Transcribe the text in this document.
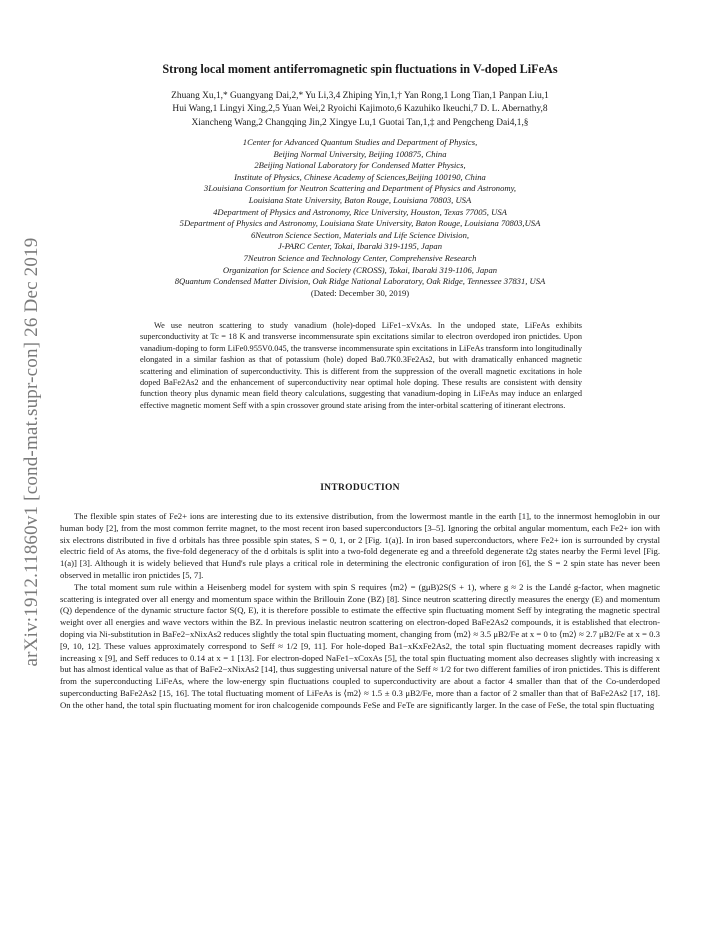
arXiv:1912.11860v1 [cond-mat.supr-con] 26 Dec 2019
Strong local moment antiferromagnetic spin fluctuations in V-doped LiFeAs
Zhuang Xu,1,* Guangyang Dai,2,* Yu Li,3,4 Zhiping Yin,1,† Yan Rong,1 Long Tian,1 Panpan Liu,1
Hui Wang,1 Lingyi Xing,2,5 Yuan Wei,2 Ryoichi Kajimoto,6 Kazuhiko Ikeuchi,7 D. L. Abernathy,8
Xiancheng Wang,2 Changqing Jin,2 Xingye Lu,1 Guotai Tan,1,‡ and Pengcheng Dai4,1,§
1Center for Advanced Quantum Studies and Department of Physics,
Beijing Normal University, Beijing 100875, China
2Beijing National Laboratory for Condensed Matter Physics,
Institute of Physics, Chinese Academy of Sciences,Beijing 100190, China
3Louisiana Consortium for Neutron Scattering and Department of Physics and Astronomy,
Louisiana State University, Baton Rouge, Louisiana 70803, USA
4Department of Physics and Astronomy, Rice University, Houston, Texas 77005, USA
5Department of Physics and Astronomy, Louisiana State University, Baton Rouge, Louisiana 70803,USA
6Neutron Science Section, Materials and Life Science Division,
J-PARC Center, Tokai, Ibaraki 319-1195, Japan
7Neutron Science and Technology Center, Comprehensive Research
Organization for Science and Society (CROSS), Tokai, Ibaraki 319-1106, Japan
8Quantum Condensed Matter Division, Oak Ridge National Laboratory, Oak Ridge, Tennessee 37831, USA
(Dated: December 30, 2019)

We use neutron scattering to study vanadium (hole)-doped LiFe1−xVxAs. In the undoped state, LiFeAs exhibits superconductivity at Tc = 18 K and transverse incommensurate spin excitations similar to electron overdoped iron pnictides. Upon vanadium-doping to form LiFe0.955V0.045, the transverse incommensurate spin excitations in LiFeAs transform into longitudinally elongated in a similar fashion as that of potassium (hole) doped Ba0.7K0.3Fe2As2, but with dramatically enhanced magnetic scattering and elimination of superconductivity. This is different from the suppression of the overall magnetic excitations in hole doped BaFe2As2 and the enhancement of superconductivity near optimal hole doping. These results are consistent with density function theory plus dynamic mean field theory calculations, suggesting that vanadium-doping in LiFeAs may induce an enlarged effective magnetic moment Seff with a spin crossover ground state arising from the inter-orbital scattering of itinerant electrons.

INTRODUCTION

The flexible spin states of Fe2+ ions are interesting due to its extensive distribution, from the lowermost mantle in the earth [1], to the innermost hemoglobin in our human body [2], from the most common ferrite magnet, to the most recent iron based superconductors [3–5]. Ignoring the orbital angular momentum, each Fe2+ ion with six electrons distributed in five d orbitals has three possible spin states, S = 0, 1, or 2 [Fig. 1(a)]. In iron based superconductors, where Fe2+ ion is surrounded by crystal electric field of As atoms, the five-fold degeneracy of the d orbitals is split into a two-fold degenerate eg and a threefold degenerate t2g states nearby the Fermi level [Fig. 1(a)] [3]. Although it is widely believed that Hund's rule plays a critical role in determining the electronic configuration of iron [6], the S = 2 spin state has never been observed in metallic iron pnictides [5, 7].

The total moment sum rule within a Heisenberg model for system with spin S requires ⟨m2⟩ = (gμB)2S(S + 1), where g ≈ 2 is the Landé g-factor, when magnetic scattering is integrated over all energy and momentum space within the Brillouin Zone (BZ) [8]. Since neutron scattering directly measures the energy (E) and momentum (Q) dependence of the dynamic structure factor S(Q, E), it is therefore possible to estimate the effective spin fluctuating moment Seff by integrating the magnetic spectral weight over all energies and wave vectors within the BZ. In previous inelastic neutron scattering on electron-doped BaFe2As2 compounds, it is established that electron-doping via Ni-substitution in BaFe2−xNixAs2 reduces slightly the total spin fluctuating moment, changing from ⟨m2⟩ ≈ 3.5 μB2/Fe at x = 0 to ⟨m2⟩ ≈ 2.7 μB2/Fe at x = 0.3 [9, 10, 12]. These values approximately correspond to Seff ≈ 1/2 [9, 11]. For hole-doped Ba1−xKxFe2As2, the total spin fluctuating moment decreases rapidly with increasing x [9], and Seff reduces to 0.14 at x = 1 [13]. For electron-doped NaFe1−xCoxAs [5], the total spin fluctuating moment also decreases slightly with increasing x but has almost identical value as that of BaFe2−xNixAs2 [14], thus suggesting universal nature of the Seff ≈ 1/2 for two different families of iron pnictides. This is different from the superconducting LiFeAs, where the low-energy spin fluctuations coupled to superconductivity are about a factor 4 smaller than that of the Co-underdoped superconducting BaFe2As2 [15, 16]. The total fluctuating moment of LiFeAs is ⟨m2⟩ ≈ 1.5 ± 0.3 μB2/Fe, more than a factor of 2 smaller than that of BaFe2As2 [17, 18]. On the other hand, the total spin fluctuating moment for iron chalcogenide compounds FeSe and FeTe are significantly larger. In the case of FeSe, the total spin fluctuating
